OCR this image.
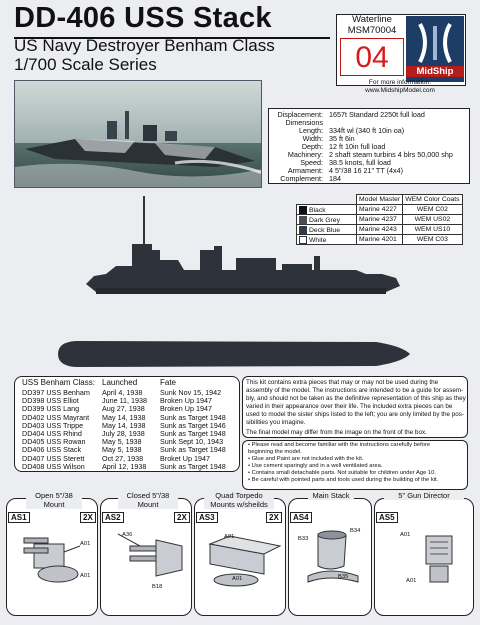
DD-406 USS Stack
US Navy Destroyer Benham Class
1/700 Scale Series
Waterline
MSM70004
04	MidShip
For more information:
www.MidshipModel.com
Displacement: 1657t Standard 2250t full load
Dimensions
Length: 334ft wl (340 ft 10in oa)
Width: 35 ft 6in
Depth: 12 ft 10in full load
Machinery: 2 shaft steam turbins 4 blrs 50,000 shp
Speed: 38.5 knots, full load
Armament: 4 5"/38 16 21" TT (4x4)
Complement: 184
	Model Master	WEM Color Coats
Black	Marine 4227	WEM C02
Dark Grey	Marine 4237	WEM US02
Deck Blue	Marine 4243	WEM US10
White	Marine 4201	WEM C03
USS Benham Class: Launched	Fate
DD397 USS Benham April 4, 1938 Sunk Nov 15, 1942
DD398 USS Elliot	June 11, 1938 Broken Up 1947
DD399 USS Lang	Aug 27, 1938 Broken Up 1947
DD402 USS Mayrant May 14, 1938 Sunk as Target 1948
DD403 USS Trippe	May 14, 1938 Sunk as Target 1946
DD404 USS Rhind	July 28, 1938 Sunk as Target 1948
DD405 USS Rowan May 5, 1938	Sunk Sept 10, 1943
DD406 USS Stack	May 5, 1938	Sunk as Target 1948
DD407 USS Sterett Oct 27, 1938 Broket Up 1947
DD408 USS Wilson April 12, 1938 Sunk as Target 1948
This kit contains extra pieces that may or may not be used during the
assembly of the model. The instructions are intended to be a guide for assem-
bly, and should not be taken as the definitive representation of this ship as they
varied in their appearance over their life. The included extra pieces can be
used to model the sister ships listed to the left; you are only limited by the pos-
sibilities you imagine.
The final model may differ from the image on the front of the box.
• Please read and become familiar with the instructions carefully before
beginning the model.
• Glue and Paint are not included with the kit.
• Use cement sparingly and in a well ventilated area.
• Contains small detachable parts. Not suitable for children under Age 10.
• Be careful with pointed parts and tools used during the building of the kit.
Open 5"/38
Mount
Closed 5"/38
Mount
Quad Torpedo
Mounts w/sheilds
Main Stack	5" Gun Director
AS1	2X	AS2	2X	AS3	2X	AS4	AS5
A01
A01
A36
B18
A01
A01
B33
B34
B35
A01
A01
